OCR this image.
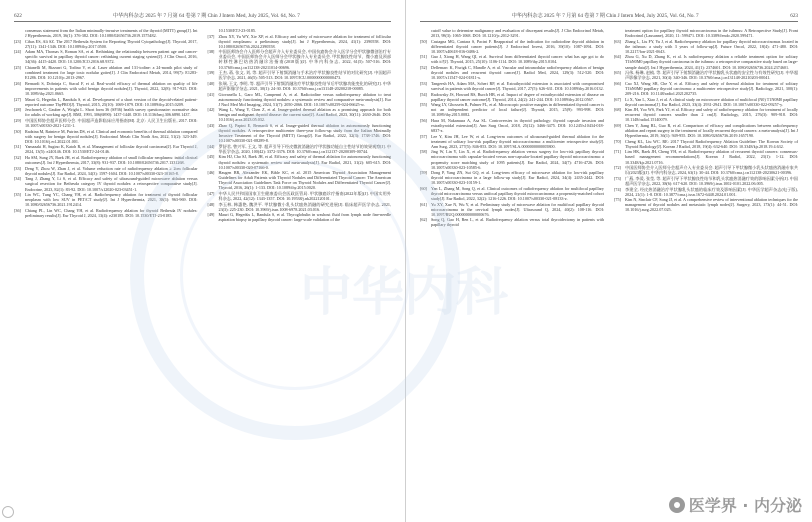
622	中华内科杂志 2025 年 7 月第 64 卷第 7 期 Chin J Intern Med, July 2025, Vol. 64, No. 7
consensus statement from the Italian minimally-invasive treatments of the thyroid (MITT) group[J]. Int J Hyperthermia, 2019, 36(1): 376-382. DOI: 10.1080/02656736.2019.1575482.
[23] Cibas ES, Ali SZ. The 2017 Bethesda System for Reporting Thyroid Cytopathology[J]. Thyroid, 2017, 27(11): 1341-1346. DOI: 10.1089/thy.2017.0500.
[24] Adam MA, Thomas S, Roman SA, et al. Rethinking the relationship between patient age and cancer-specific survival in papillary thyroid cancer: rethinking current staging system[J]. J Clin Oncol, 2016, 34(36): 4415-4420. DOI: 10.1200/JCO.2016.68.9372.
[25] Chianelli M, Bizzarri G, Todino V, et al. Laser ablation and 131-iodine: a 24-month pilot study of combined treatment for large toxic nodular goiter[J]. J Clin Endocrinol Metab, 2014, 99(7): E1283-E1286. DOI: 10.1210/jc.2013-2967.
[26] Bernardi S, Dobrinja C, Stacul F, et al. Real-world efficacy of thermal ablation on quality of life improvements in patients with solid benign thyroid nodules[J]. Thyroid, 2022, 32(8): 917-925. DOI: 10.1089/thy.2021.0665.
[27] Mauri G, Hegedüs L, Bandula S, et al. Development of a short version of the thyroid-related patient-reported outcome ThyPRO[J]. Thyroid, 2015, 25(10): 1069-1079. DOI: 10.1089/thy.2015.0209.
[28] Jeschonek C, Gauber A, Wright L. Short form 36 (SF36) health survey questionnaire: normative data for adults of working age[J]. BMJ, 1993, 306(6890): 1437-1440. DOI: 10.1136/bmj.306.6890.1437.
[29] 中国医师协会超声医师分会. 中国超声造影临床应用指南[M]. 北京: 人民卫生出版社, 2017. DOI: 10.1007/s00330-2021-1231-1.
[30] Radzina M, Ratniece M, Putrins DS, et al. Clinical and economic benefits of thermal ablation compared with surgery for benign thyroid nodules[J]. Endocrinol Metab Clin North Am, 2022, 51(2): 323-349. DOI: 10.1016/j.ecl.2022.01.001.
[31] Yamazaki H, Sugino K, Katoh R, et al. Management of follicular thyroid carcinoma[J]. Eur Thyroid J, 2024, 13(5): e240146. DOI: 10.1530/ETJ-24-0146.
[32] Ha SM, Sung JY, Baek JH, et al. Radiofrequency ablation of small follicular neoplasms: initial clinical outcomes[J]. Int J Hyperthermia, 2017, 33(8): 931-937. DOI: 10.1080/02656736.2017.1331268.
[33] Deng Y, Zhou W, Zhan J, et al. Volume reduction rate of radiofrequency ablation ≥ 2cm follicular thyroid nodules[J]. Eur Radiol, 2024, 34(3): 1597-1604. DOI: 10.1007/s00330-023-10165-8.
[34] Tang J, Zhang Y, Li S, et al. Efficacy and safety of ultrasound-guided microwave ablation versus surgical resection for Bethesda category IV thyroid nodules: a retrospective comparative study[J]. Endocrine, 2023, 82(1): 83-92. DOI: 10.1007/s12020-023-03451-1.
[35] Lin WC, Tung YC, Chang YH, et al. Radiofrequency ablation for treatment of thyroid follicular neoplasm with low SUV in PET/CT study[J]. Int J Hyperthermia, 2021, 38(1): 963-969. DOI: 10.1080/02656736.2021.1912414.
[36] Chiang PL, Lin WC, Chang YH, et al. Radiofrequency ablation for thyroid Bethesda IV nodules: preliminary results[J]. Eur Thyroid J, 2024, 13(4): e230185. DOI: 10.1530/ETJ-23-0185.
10.1530/ETJ-23-0185.
[37] Zhou XY, Yu WY, Xie XP, et al. Efficacy and safety of microwave ablation for treatment of follicular thyroid neoplasms: a preliminary study[J]. Int J Hyperthermia, 2024, 41(1): 2390558. DOI: 10.1080/02656736.2024.2390558.
[38] 中国医师协会介入医师分会超声介入专业委员会, 中国抗癌协会介入医学分会甲状腺微创治疗专业委员会, 中国医师协会介入医师分会甲状腺介入专业委员会. 甲状腺良性结节、微小癌及颈部转移性淋巴结热消融诊治指南(2018版)[J]. 中华内科杂志, 2022, 61(5): 507-516. DOI: 10.3760/cma.j.cn112138-20211014-00696.
[39] 王杰, 蒋, 张文, 刘, 等. 超声引导下射频消融与手术治疗甲状腺良性结节的对比研究[J]. 中国超声医学杂志, 2021, 46(5): 505-513. DOI: 10.1097/JCU.0000000000000473.
[40] 张瑞, 王文, 李明, 等. 超声引导下射频消融治疗甲状腺良性结节后甲状腺功能变化的研究[J]. 中华超声影像学杂志, 2021, 30(1): 24-30. DOI: 10.3760/cma.j.cn131148-20200218-00085.
[41] Giovanella L, Garo ML, Campennì A, et al. Radioiodine versus radiofrequency ablation to treat autonomously functioning thyroid nodules: a systematic review and comparative meta-analysis[J]. Eur J Nucl Med Mol Imaging, 2024, 51(7): 2050-2066. DOI: 10.1007/s00259-024-06625-w.
[42] Wang L, Wang Y, Chen Z, et al. Image-guided thermal ablation as a promising approach for both benign and malignant thyroid disease: the current state[J]. Acad Radiol, 2023, 30(11): 2630-2646. DOI: 10.1016/j.acra.2023.05.032.
[43] Zhao Q, Papini E, Bernardi S, et al. Image-guided thermal ablation in autonomously functioning thyroid nodules. A retrospective multicenter three-year follow-up study from the Italian Minimally Invasive Treatment of the Thyroid (MITT) Group[J]. Eur Radiol, 2022, 32(3): 1738-1746. DOI: 10.1007/s00330-021-08289-8.
[44] 罗舒君, 曾兴军, 王文, 等. 超声引导下经皮微波消融治疗甲状腺功能自主性结节的效果观察[J]. 中华医学杂志, 2020, 100(42): 3372-3376. DOI: 10.3760/cma.j.cn112137-20200309-00744.
[45] Kim HJ, Cho SJ, Baek JH, et al. Efficacy and safety of thermal ablation for autonomously functioning thyroid nodules: a systematic review and meta-analysis[J]. Eur Radiol, 2021, 31(2): 605-615. DOI: 10.1007/s00330-020-07166-0.
[46] Haugen BR, Alexander EK, Bible KC, et al. 2015 American Thyroid Association Management Guidelines for Adult Patients with Thyroid Nodules and Differentiated Thyroid Cancer: The American Thyroid Association Guidelines Task Force on Thyroid Nodules and Differentiated Thyroid Cancer[J]. Thyroid, 2016, 26(1): 1-133. DOI: 10.1089/thy.2015.0020.
[47] 中华人民共和国国家卫生健康委员会医政医管局. 甲状腺癌诊疗指南(2022年版)[J]. 中国实用外科杂志, 2022, 42(12): 1343-1357. DOI: 10.19538/j.nk2022120101.
[48] 李玉林, 韩惠艳, 魏洪平. 甲状腺微小乳头状癌热消融的研究进展[J]. 临床超声医学杂志, 2021, 23(3): 225-230. DOI: 10.3969/j.issn.1008-6978.2021.03.016.
[49] Mauri G, Hegedüs L, Bandula S, et al. Thyroglobulin in washout fluid from lymph node fine-needle aspiration biopsy in papillary thyroid cancer: large-scale validation of the
中华内科杂志 2025 年 7 月第 64 卷第 7 期 Chin J Intern Med, July 2025, Vol. 64, No. 7	623
cutoff value to determine malignancy and evaluation of discrepant results[J]. J Clin Endocrinol Metab, 2013, 98(3): 1065-1068. DOI: 10.1210/jc.2012-3291.
[50] Castagna MG, Cantara S, Pacini F. Reappraisal of the indication for radioiodine thyroid ablation in differentiated thyroid cancer patients[J]. J Endocrinol Invest, 2016, 39(10): 1087-1094. DOI: 10.1007/s40618-016-0486-2.
[51] Guo J, Xiong H, Wang QI, et al. Survival from differentiated thyroid cancer: what has age got to do with it?[J]. Thyroid, 2015, 25(10): 1106-1114. DOI: 10.1089/thy.2015.0104.
[52] Dellemarc K, Fisrigk C, Mandle A, et al. Vascular and intranodular radiofrequency ablation of benign thyroid nodules and recurrent thyroid cancer[J]. Radiol Med, 2024, 129(3): 512-520. DOI: 10.1007/s11547-024-01811-x.
[53] Tangeesh HA, Adam MA, Scheri RP, et al. Extrathyroidal extension is associated with compromised survival in patients with thyroid cancer[J]. Thyroid, 2017, 27(5): 626-631. DOI: 10.1089/thy.2016.0132.
[54] Radowsky JS, Howard RS, Burch HB, et al. Impact of degree of extrathyroidal extension of disease on papillary thyroid cancer outcome[J]. Thyroid, 2014, 24(2): 241-244. DOI: 10.1089/thy.2012.0567.
[55] Wang LY, Ghossein R, Palmer FL, et al. Microscopic positive margins in differentiated thyroid cancer is not an independent predictor of local failure[J]. Thyroid, 2015, 25(9): 993-998. DOI: 10.1089/thy.2015.0082.
[56] Hara M, Nakamura A, Asa SL. Controversies in thyroid pathology: thyroid capsule invasion and extrathyroidal extension[J]. Ann Surg Oncol, 2018, 25(12): 3466-3475. DOI: 10.1245/s10434-018-6837-z.
[57] Lee Y, Kim JH, Lee W, et al. Long-term outcomes of ultrasound-guided thermal ablation for the treatment of solitary low-risk papillary thyroid microcarcinoma: a multicenter retrospective study[J]. Ann Surg, 2023, 277(5): 846-853. DOI: 10.1097/SLA.0000000000005800.
[58] Jing W, Lin Y, Lin X, et al. Radiofrequency ablation versus surgery for low-risk papillary thyroid microcarcinoma with capsular-located versus non-capsular-located papillary thyroid microcarcinoma: a propensity score matching study of 1095 patients[J]. Eur Radiol, 2024, 34(7): 4716-4726. DOI: 10.1007/s00330-023-10585-6.
[59] Dong P, Yang ZN, Sui GQ, et al. Long-term efficacy of microwave ablation for low-risk papillary thyroid microcarcinoma in a large follow-up study[J]. Eur Radiol, 2024, 34(4): 2435-2442. DOI: 10.1007/s00330-023-10159-1.
[60] Yan L, Zhang M, Song Q, et al. Clinical outcomes of radiofrequency ablation for multifocal papillary thyroid microcarcinoma versus unifocal papillary thyroid microcarcinoma: a propensity-matched cohort study[J]. Eur Radiol, 2022, 32(2): 1216-1226. DOI: 10.1007/s00330-021-08133-z.
[61] Yu XY, Xue N, Wu Y, et al. Preliminary study of microwave ablation for multifocal papillary thyroid microcarcinoma in the cervical lymph nodes[J]. Ultrasound Q, 2024, 40(2): 108-116. DOI: 10.1097/RUQ.0000000000000676.
[62] Song Q, Gao H, Ren L, et al. Radiofrequency ablation versus total thyroidectomy in patients with papillary thyroid
treatment option for papillary thyroid microcarcinoma in the isthmus: A Retrospective Study[J]. Front Endocrinol (Lausanne), 2020, 11: 599471. DOI: 10.3389/fendo.2020.599471.
[63] Zhang L, Liu FY, Yu J, et al. Radiofrequency ablation for papillary thyroid microcarcinomas located in the isthmus: a study with 3 years of follow-up[J]. Future Oncol, 2022, 18(4): 471-480. DOI: 10.2217/fon-2021-0643.
[64] Zhou G, Xu D, Zhang K, et al. Is radiofrequency ablation a reliable treatment option for solitary T1bN0M0 papillary thyroid carcinoma in the isthmus: a retrospective comparative study based on large-sample data[J]. Int J Hyperthermia, 2024, 41(1): 2374601. DOI: 10.1080/02656736.2024.2374601.
[65] 冯伟, 杨琳, 赵桢, 等. 超声引导下射频消融治疗甲状腺乳头状癌的安全性与有效性研究[J]. 中华超声影像学杂志, 2021, 30(4): 340-346. DOI: 10.3760/cma.j.cn131148-20210203-00041.
[66] Cao XJ, Wang SR, Che Y, et al. Efficacy and safety of thermal ablation for treatment of solitary T1bN0M0 papillary thyroid carcinoma: a multicenter retrospective study[J]. Radiology, 2021, 300(1): 209-216. DOI: 10.1148/radiol.2021202735.
[67] Li X, Yan L, Xiao J, et al. A clinical study on microwave ablation of multifocal (N0) T1N0M0 papillary thyroid carcinoma[J]. Eur Radiol, 2023, 33(4): 2931-2941. DOI: 10.1007/s00330-022-09257-y.
[68] Kim JH, Yoo WS, Park YJ, et al. Efficacy and safety of radiofrequency ablation for treatment of locally recurrent thyroid cancers smaller than 2 cm[J]. Radiology, 2015, 276(3): 909-918. DOI: 10.1148/radiol.15140079.
[69] Chen Y, Jiang RL, Guo R, et al. Comparison of efficacy and complications between radiofrequency ablation and repeat surgery in the treatment of locally recurrent thyroid cancers: a meta-analysis[J]. Int J Hyperthermia, 2019, 36(1): 949-955. DOI: 10.1080/02656736.2019.1657190.
[70] Cheng KL, Liu WC. RE: 2017 Thyroid Radiofrequency Ablation Guideline: The Korean Society of Thyroid Radiology[J]. Korean J Radiol, 2018, 19(4): 632-640. DOI: 10.3348/kjr.2018.19.4.632.
[71] Lim HK, Baek JH, Cheng YH, et al. Radiofrequency ablation of recurrent thyroid cancers: consensus-based management recommendations[J]. Korean J Radiol, 2022, 23(1): 1-12. DOI: 10.3348/kjr.2021.0716.
[72] 中国医师协会介入医师分会超声介入专业委员会. 超声引导下甲状腺微小乳头状癌热消融专家共识(2023版)[J]. 中华内科杂志, 2024, 63(1): 30-44. DOI: 10.3760/cma.j.cn112138-20230621-00396.
[73] 广燕, 李爱, 张莹, 等. 超声引导下甲状腺良性结节和乳头状癌热消融疗效的影响因素分析[J]. 中国超声医学杂志, 2022, 38(6): 617-620. DOI: 10.3969/j.issn.1002-0101.2022.06.005.
[74] 李建全, 经皮热消融治疗甲状腺乳头状癌的临床疗效及影响因素[J]. 中华医学超声杂志(电子版), 2024, 21(1): 1-8. DOI: 10.3877/cma.j.issn.1672-6448.2024.01.001.
[75] Kim N, Sinclair CF, Song JJ, et al. A comprehensive review of interventional ablation techniques for the management of thyroid nodules and metastatic lymph nodes[J]. Surgery, 2023, 173(1): 44-51. DOI: 10.1016/j.surg.2022.07.025.
医学界 · 内分泌
中华内科
